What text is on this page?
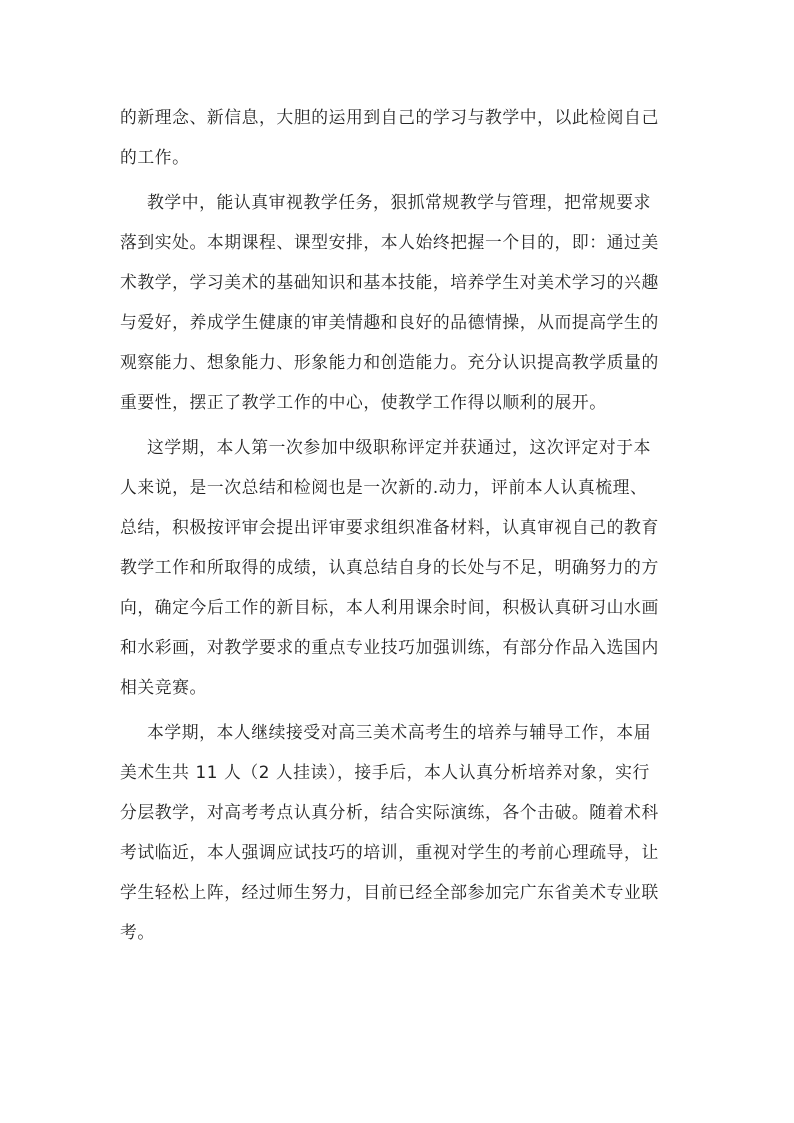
的新理念、新信息，大胆的运用到自己的学习与教学中，以此检阅自己
的工作。
教学中，能认真审视教学任务，狠抓常规教学与管理，把常规要求
落到实处。本期课程、课型安排，本人始终把握一个目的，即：通过美
术教学，学习美术的基础知识和基本技能，培养学生对美术学习的兴趣
与爱好，养成学生健康的审美情趣和良好的品德情操，从而提高学生的
观察能力、想象能力、形象能力和创造能力。充分认识提高教学质量的
重要性，摆正了教学工作的中心，使教学工作得以顺利的展开。
这学期，本人第一次参加中级职称评定并获通过，这次评定对于本
人来说，是一次总结和检阅也是一次新的.动力，评前本人认真梳理、
总结，积极按评审会提出评审要求组织准备材料，认真审视自己的教育
教学工作和所取得的成绩，认真总结自身的长处与不足，明确努力的方
向，确定今后工作的新目标，本人利用课余时间，积极认真研习山水画
和水彩画，对教学要求的重点专业技巧加强训练，有部分作品入选国内
相关竞赛。
本学期，本人继续接受对高三美术高考生的培养与辅导工作，本届
美术生共 11 人（2 人挂读），接手后，本人认真分析培养对象，实行
分层教学，对高考考点认真分析，结合实际演练，各个击破。随着术科
考试临近，本人强调应试技巧的培训，重视对学生的考前心理疏导，让
学生轻松上阵，经过师生努力，目前已经全部参加完广东省美术专业联
考。
